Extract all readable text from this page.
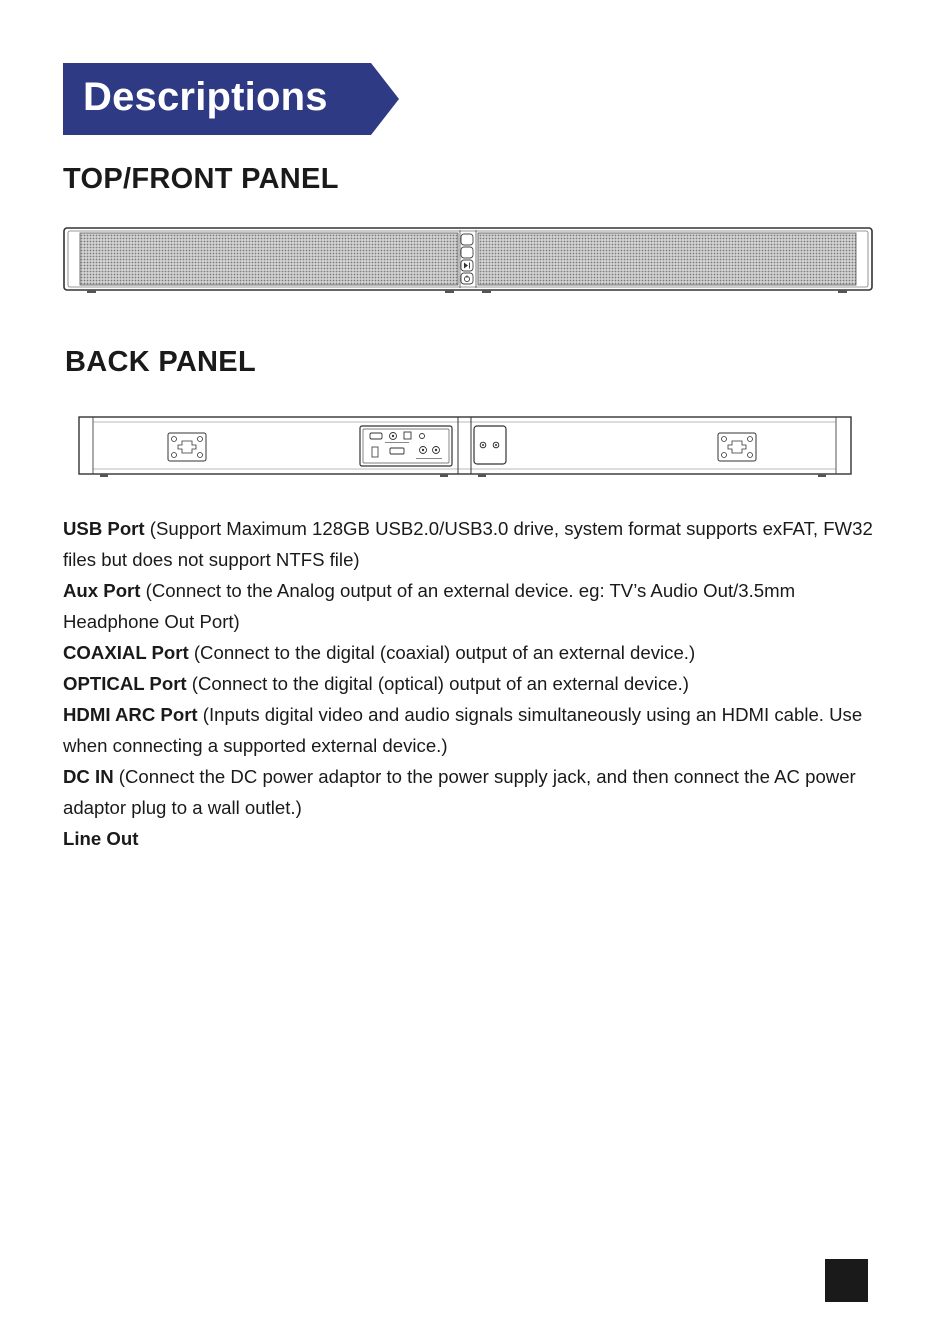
Descriptions
TOP/FRONT PANEL
BACK PANEL

USB Port (Support Maximum 128GB USB2.0/USB3.0 drive, system format supports exFAT, FW32 files but does not support NTFS file)

Aux Port (Connect to the Analog output of an external device. eg: TV’s Audio Out/3.5mm Headphone Out Port)

COAXIAL Port (Connect to the digital (coaxial) output of an external device.)

OPTICAL Port (Connect to the digital (optical) output of an external device.)

HDMI ARC Port (Inputs digital video and audio signals simultaneously using an HDMI cable. Use when connecting a supported external device.)

DC IN (Connect the DC power adaptor to the power supply jack, and then connect the AC power adaptor plug to a wall outlet.)

Line Out
